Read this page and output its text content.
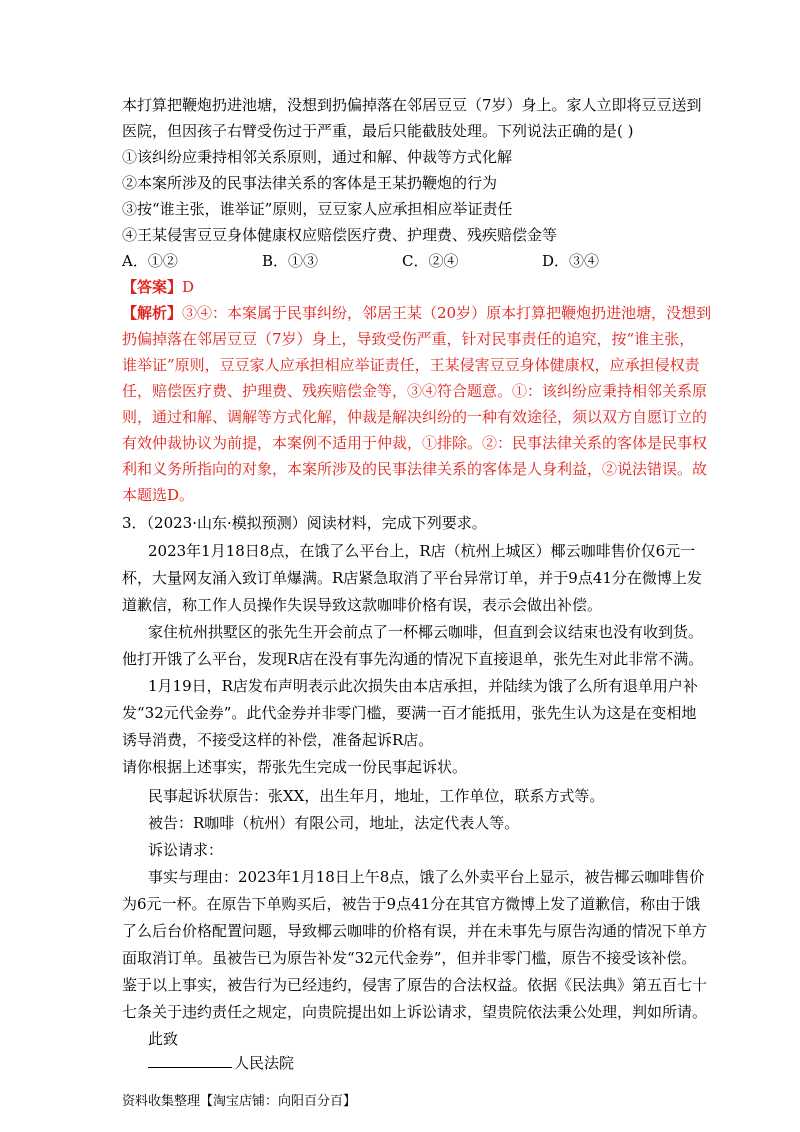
本打算把鞭炮扔进池塘，没想到扔偏掉落在邻居豆豆（7岁）身上。家人立即将豆豆送到
医院，但因孩子右臂受伤过于严重，最后只能截肢处理。下列说法正确的是( )
①该纠纷应秉持相邻关系原则，通过和解、仲裁等方式化解
②本案所涉及的民事法律关系的客体是王某扔鞭炮的行为
③按“谁主张，谁举证”原则，豆豆家人应承担相应举证责任
④王某侵害豆豆身体健康权应赔偿医疗费、护理费、残疾赔偿金等
A．①②	B．①③	C．②④	D．③④
【答案】D
【解析】③④：本案属于民事纠纷，邻居王某（20岁）原本打算把鞭炮扔进池塘，没想到
扔偏掉落在邻居豆豆（7岁）身上，导致受伤严重，针对民事责任的追究，按“谁主张，
谁举证”原则，豆豆家人应承担相应举证责任，王某侵害豆豆身体健康权，应承担侵权责
任，赔偿医疗费、护理费、残疾赔偿金等，③④符合题意。①：该纠纷应秉持相邻关系原
则，通过和解、调解等方式化解，仲裁是解决纠纷的一种有效途径，须以双方自愿订立的
有效仲裁协议为前提，本案例不适用于仲裁，①排除。②：民事法律关系的客体是民事权
利和义务所指向的对象，本案所涉及的民事法律关系的客体是人身利益，②说法错误。故
本题选D。
3．（2023·山东·模拟预测）阅读材料，完成下列要求。
2023年1月18日8点，在饿了么平台上，R店（杭州上城区）椰云咖啡售价仅6元一
杯，大量网友涌入致订单爆满。R店紧急取消了平台异常订单，并于9点41分在微博上发
道歉信，称工作人员操作失误导致这款咖啡价格有误，表示会做出补偿。
家住杭州拱墅区的张先生开会前点了一杯椰云咖啡，但直到会议结束也没有收到货。
他打开饿了么平台，发现R店在没有事先沟通的情况下直接退单，张先生对此非常不满。
1月19日，R店发布声明表示此次损失由本店承担，并陆续为饿了么所有退单用户补
发“32元代金券”。此代金券并非零门槛，要满一百才能抵用，张先生认为这是在变相地
诱导消费，不接受这样的补偿，准备起诉R店。
请你根据上述事实，帮张先生完成一份民事起诉状。
民事起诉状原告：张XX，出生年月，地址，工作单位，联系方式等。
被告：R咖啡（杭州）有限公司，地址，法定代表人等。
诉讼请求：
事实与理由：2023年1月18日上午8点，饿了么外卖平台上显示，被告椰云咖啡售价
为6元一杯。在原告下单购买后，被告于9点41分在其官方微博上发了道歉信，称由于饿
了么后台价格配置问题，导致椰云咖啡的价格有误，并在未事先与原告沟通的情况下单方
面取消订单。虽被告已为原告补发“32元代金券”，但并非零门槛，原告不接受该补偿。
鉴于以上事实，被告行为已经违约，侵害了原告的合法权益。依据《民法典》第五百七十
七条关于违约责任之规定，向贵院提出如上诉讼请求，望贵院依法秉公处理，判如所请。
此致
人民法院
资料收集整理【淘宝店铺：向阳百分百】
